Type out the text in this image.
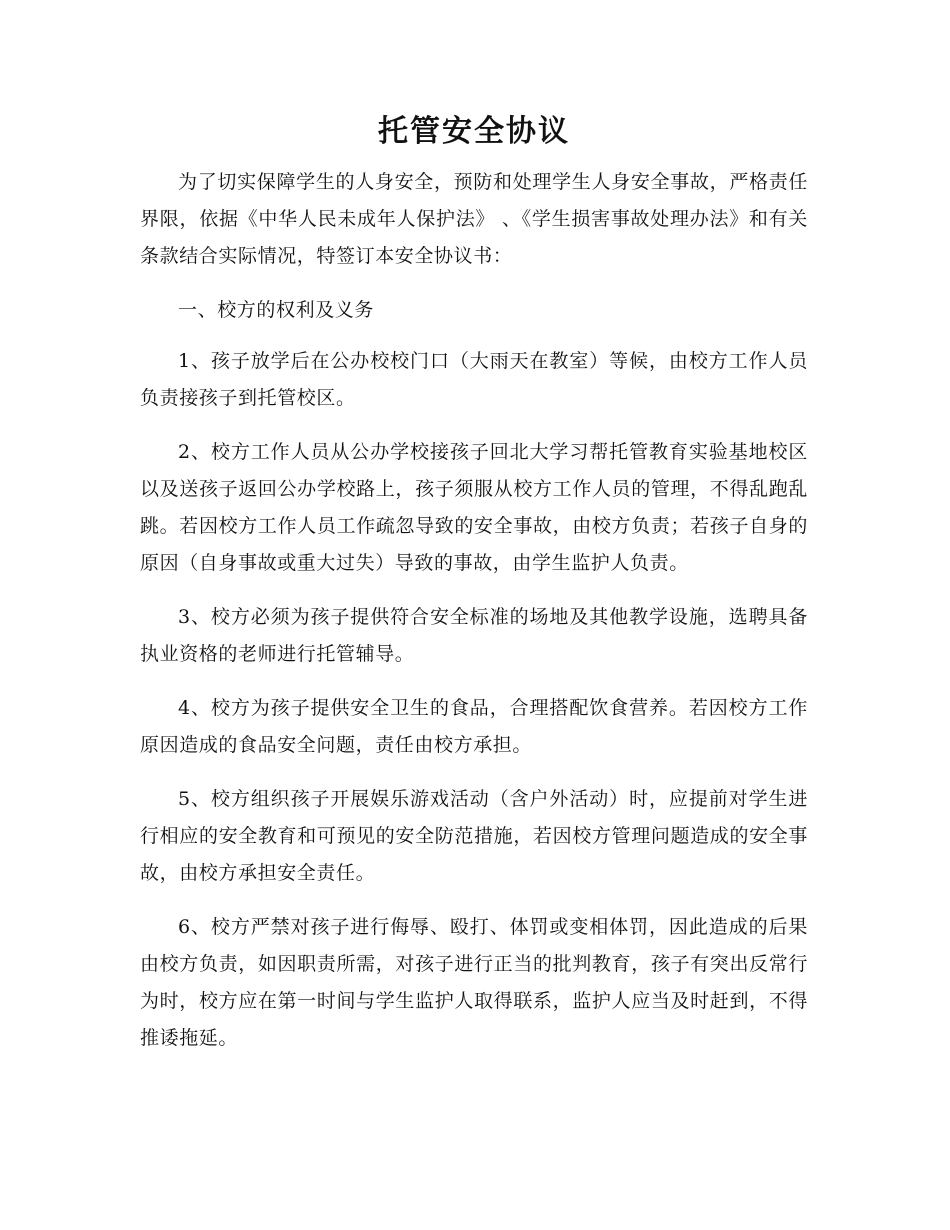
托管安全协议

为了切实保障学生的人身安全，预防和处理学生人身安全事故，严格责任界限，依据《中华人民未成年人保护法》 、《学生损害事故处理办法》和有关条款结合实际情况，特签订本安全协议书：

一、校方的权利及义务

1、孩子放学后在公办校校门口（大雨天在教室）等候，由校方工作人员负责接孩子到托管校区。

2、校方工作人员从公办学校接孩子回北大学习帮托管教育实验基地校区以及送孩子返回公办学校路上，孩子须服从校方工作人员的管理，不得乱跑乱跳。若因校方工作人员工作疏忽导致的安全事故，由校方负责；若孩子自身的原因（自身事故或重大过失）导致的事故，由学生监护人负责。

3、校方必须为孩子提供符合安全标准的场地及其他教学设施，选聘具备执业资格的老师进行托管辅导。

4、校方为孩子提供安全卫生的食品，合理搭配饮食营养。若因校方工作原因造成的食品安全问题，责任由校方承担。

5、校方组织孩子开展娱乐游戏活动（含户外活动）时，应提前对学生进行相应的安全教育和可预见的安全防范措施，若因校方管理问题造成的安全事故，由校方承担安全责任。

6、校方严禁对孩子进行侮辱、殴打、体罚或变相体罚，因此造成的后果由校方负责，如因职责所需，对孩子进行正当的批判教育，孩子有突出反常行为时，校方应在第一时间与学生监护人取得联系，监护人应当及时赶到，不得推诿拖延。
